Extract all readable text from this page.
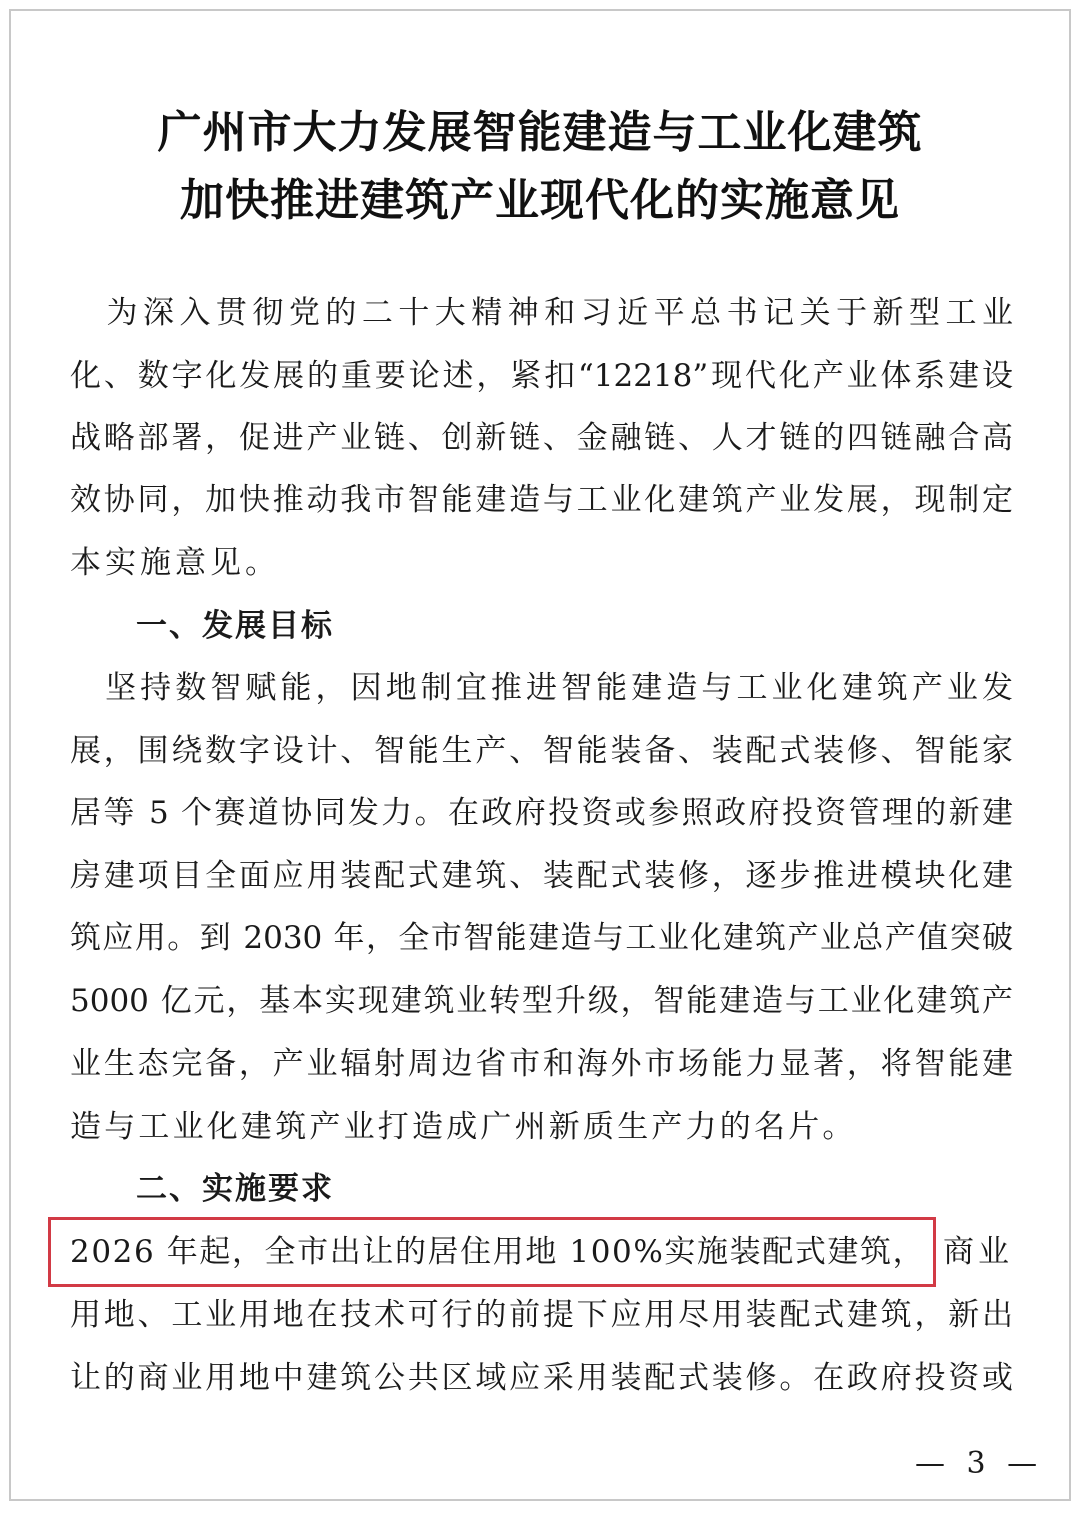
广州市大力发展智能建造与工业化建筑
加快推进建筑产业现代化的实施意见
　为深入贯彻党的二十大精神和习近平总书记关于新型工业
化、数字化发展的重要论述，紧扣“12218”现代化产业体系建设
战略部署，促进产业链、创新链、金融链、人才链的四链融合高
效协同，加快推动我市智能建造与工业化建筑产业发展，现制定
本实施意见。
一、发展目标
　坚持数智赋能，因地制宜推进智能建造与工业化建筑产业发
展，围绕数字设计、智能生产、智能装备、装配式装修、智能家
居等 5 个赛道协同发力。在政府投资或参照政府投资管理的新建
房建项目全面应用装配式建筑、装配式装修，逐步推进模块化建
筑应用。到 2030 年，全市智能建造与工业化建筑产业总产值突破
5000 亿元，基本实现建筑业转型升级，智能建造与工业化建筑产
业生态完备，产业辐射周边省市和海外市场能力显著，将智能建
造与工业化建筑产业打造成广州新质生产力的名片。
二、实施要求
2026 年起，全市出让的居住用地 100%实施装配式建筑， 商业
用地、工业用地在技术可行的前提下应用尽用装配式建筑，新出
让的商业用地中建筑公共区域应采用装配式装修。在政府投资或
— 3 —
